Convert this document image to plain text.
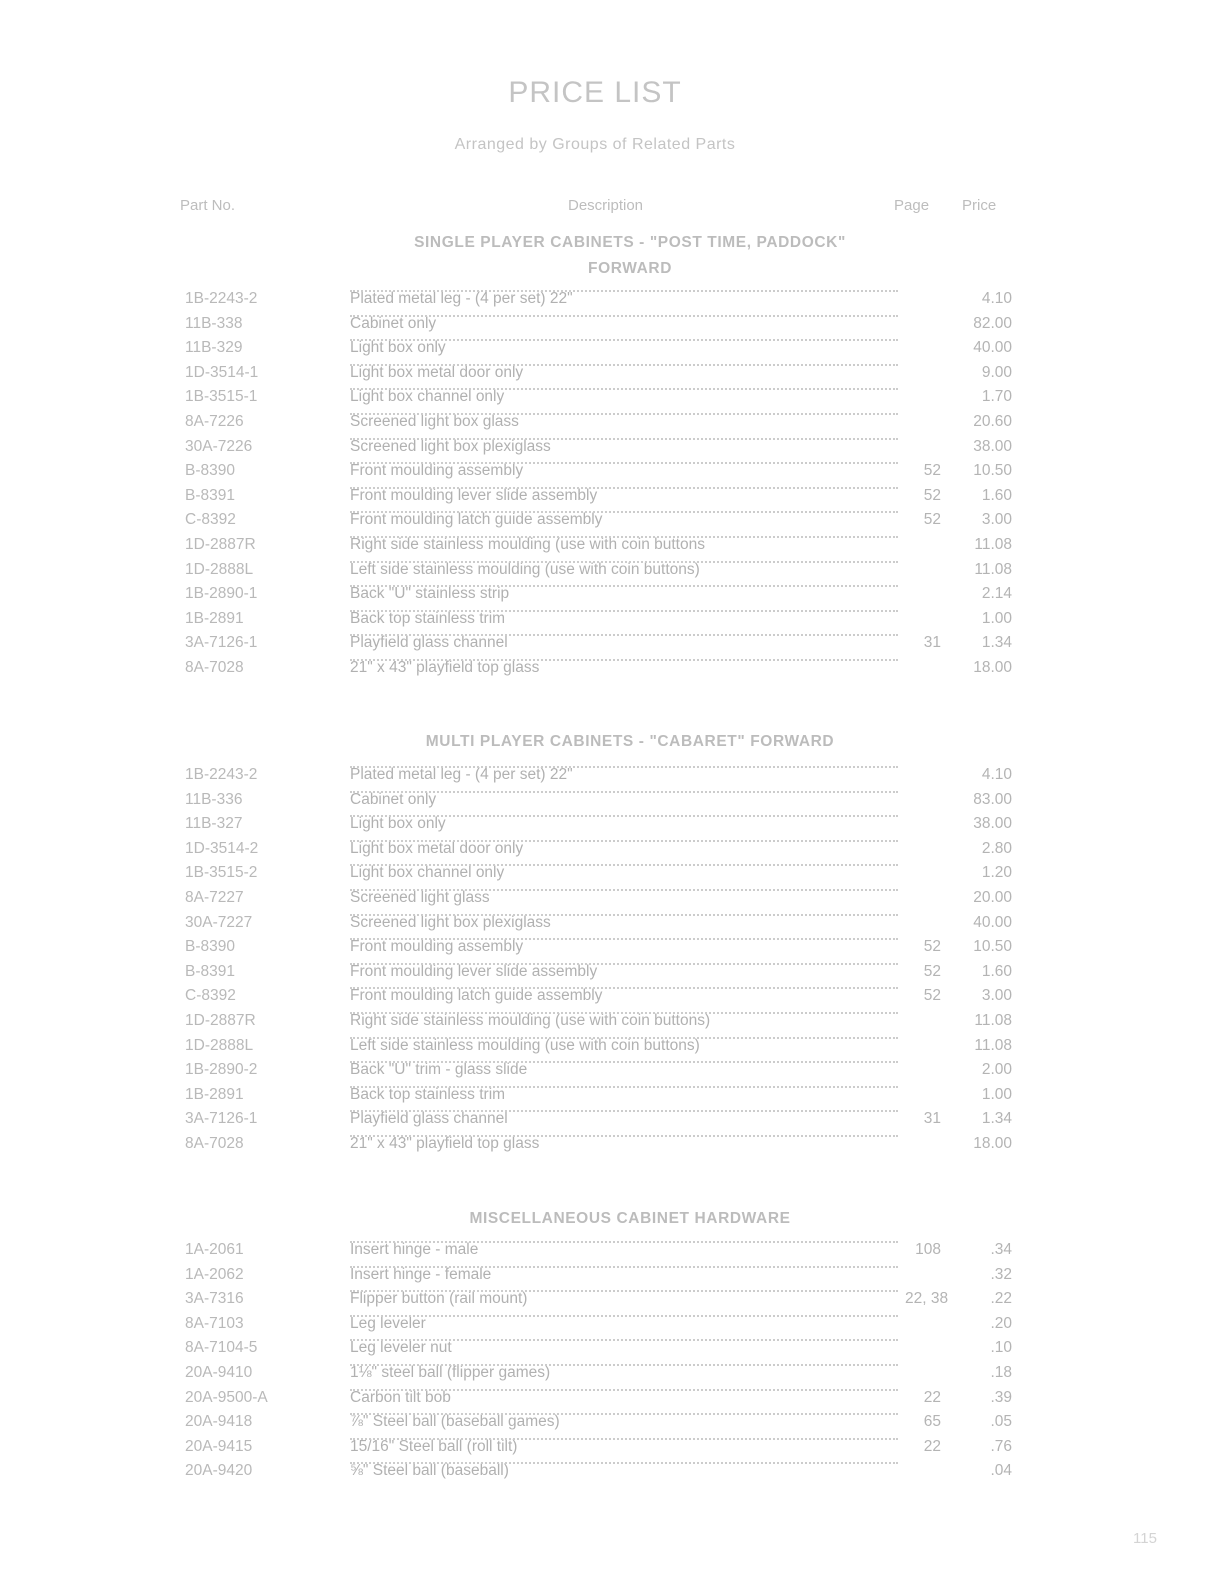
PRICE LIST
Arranged by Groups of Related Parts
Part No.	Description	Page Price
SINGLE PLAYER CABINETS - "POST TIME, PADDOCK"
FORWARD
1B-2243-2	Plated metal leg - (4 per set) 22"	4.10
11B-338	Cabinet only	82.00
11B-329	Light box only	40.00
1D-3514-1	Light box metal door only	9.00
1B-3515-1	Light box channel only	1.70
8A-7226	Screened light box glass	20.60
30A-7226	Screened light box plexiglass	38.00
B-8390	Front moulding assembly	52	10.50
B-8391	Front moulding lever slide assembly	52	1.60
C-8392	Front moulding latch guide assembly	52	3.00
1D-2887R	Right side stainless moulding (use with coin buttons	11.08
1D-2888L	Left side stainless moulding (use with coin buttons)	11.08
1B-2890-1	Back "U" stainless strip	2.14
1B-2891	Back top stainless trim	1.00
3A-7126-1	Playfield glass channel	31	1.34
8A-7028	21" x 43" playfield top glass	18.00
MULTI PLAYER CABINETS - "CABARET" FORWARD
1B-2243-2	Plated metal leg - (4 per set) 22"	4.10
11B-336	Cabinet only	83.00
11B-327	Light box only	38.00
1D-3514-2	Light box metal door only	2.80
1B-3515-2	Light box channel only	1.20
8A-7227	Screened light glass	20.00
30A-7227	Screened light box plexiglass	40.00
B-8390	Front moulding assembly	52	10.50
B-8391	Front moulding lever slide assembly	52	1.60
C-8392	Front moulding latch guide assembly	52	3.00
1D-2887R	Right side stainless moulding (use with coin buttons)	11.08
1D-2888L	Left side stainless moulding (use with coin buttons)	11.08
1B-2890-2	Back "U" trim - glass slide	2.00
1B-2891	Back top stainless trim	1.00
3A-7126-1	Playfield glass channel	31	1.34
8A-7028	21" x 43" playfield top glass	18.00
MISCELLANEOUS CABINET HARDWARE
1A-2061	Insert hinge - male	108	.34
1A-2062	Insert hinge - female	.32
3A-7316	Flipper button (rail mount)	22, 38	.22
8A-7103	Leg leveler	.20
8A-7104-5	Leg leveler nut	.10
20A-9410	1⅛" steel ball (flipper games)	.18
20A-9500-A	Carbon tilt bob	22	.39
20A-9418	⅞" Steel ball (baseball games)	65	.05
20A-9415	15/16" Steel ball (roll tilt)	22	.76
20A-9420	⅝" Steel ball (baseball)	.04
115
